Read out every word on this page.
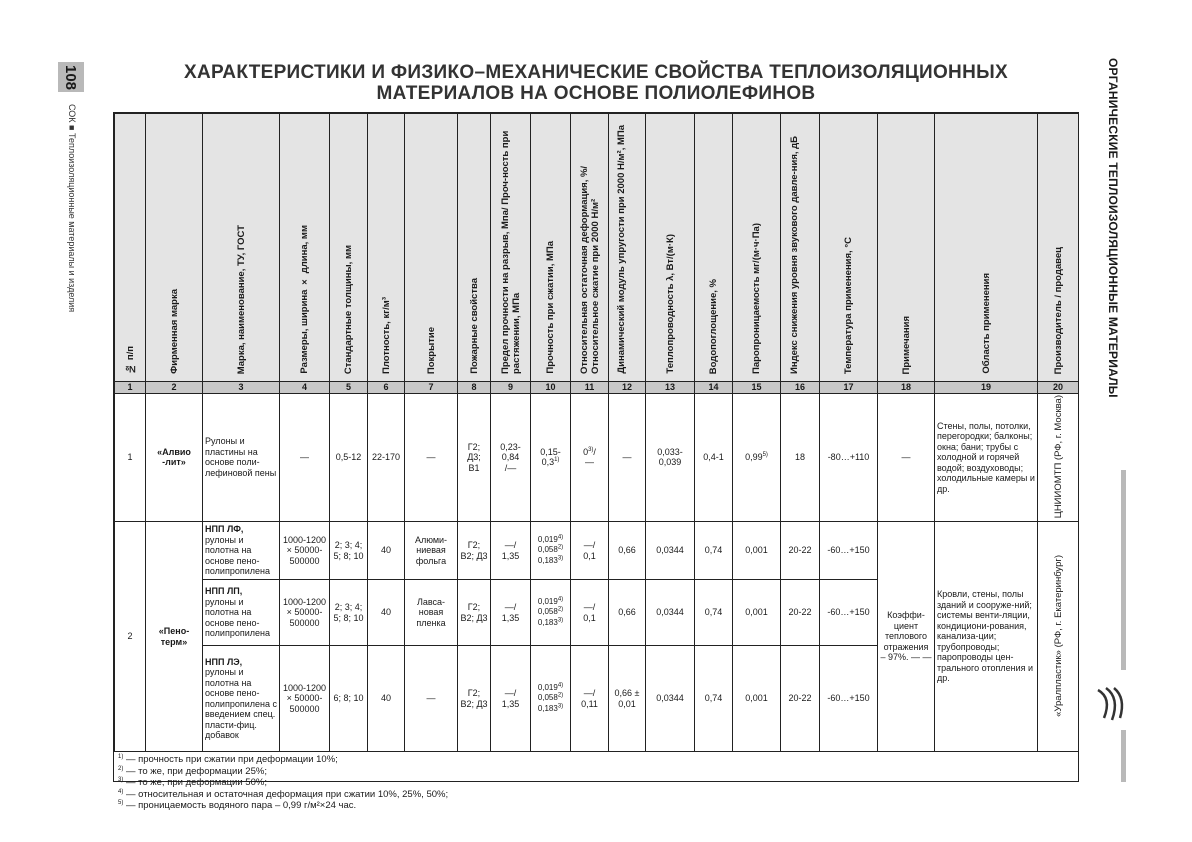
108
СОК ■ Теплоизоляционные материалы и изделия	ОРГАНИЧЕСКИЕ ТЕПЛОИЗОЛЯЦИОННЫЕ МАТЕРИАЛЫ
ХАРАКТЕРИСТИКИ И ФИЗИКО–МЕХАНИЧЕСКИЕ СВОЙСТВА ТЕПЛОИЗОЛЯЦИОННЫХ
МАТЕРИАЛОВ НА ОСНОВЕ ПОЛИОЛЕФИНОВ
№ п/п	Фирменная марка	Марка, наименование, ТУ, ГОСТ	Размеры, ширина × длина, мм	Стандартные толщины, мм	Плотность, кг/м³	Покрытие	Пожарные свойства	Предел прочности на разрыв, Мпа/ Проч-ность при растяжении, МПа	Прочность при сжатии, МПа	Относительная остаточная деформация, %/ Относительное сжатие при 2000 Н/м²	Динамический модуль упругости при 2000 Н/м², МПа	Теплопроводность λ, Вт/(м·К)	Водопоглощение, %	Паропроницаемость мг/(м·ч·Па)	Индекс снижения уровня звукового давле-ния, дБ	Температура применения, °С	Примечания	Область применения	Производитель / продавец
1	2	3	4	5	6	7	8	9	10	11	12	13	14	15	16	17	18	19	20
1	«Алвио -лит»	Рулоны и пластины на основе поли-лефиновой пены	—	0,5-12	22-170	—	Г2;
Д3;
В1	0,23-
0,84
/—	0,15-
0,3$^{1)}$	0$^{3)}$/
—	—	0,033-0,039	0,4-1	0,99$^{5)}$	18	-80…+110	—	Стены, полы, потолки, перегородки; балконы; окна; бани; трубы с холодной и горячей водой; воздуховоды; холодильные камеры и др.	ЦНИИОМТП (РФ, г. Москва)
2	«Пено-терм»	НПП ЛФ,
рулоны и полотна на основе пено-полипропилена	1000-1200 × 50000-500000	2; 3; 4; 5; 8; 10	40	Алюми-ниевая фольга	Г2; В2; Д3	—/
1,35	0,019$^{4)}$
0,058$^{2)}$
0,183$^{3)}$	—/
0,1	0,66	0,0344	0,74	0,001	20-22	-60…+150	Коэффи-циент теплового отражения – 97%. — —	Кровли, стены, полы зданий и сооруже-ний; системы венти-ляции, кондициони-рования, канализа-ции; трубопроводы; паропроводы цен-трального отопления и др.	«Уралпластик» (РФ, г. Екатеринбург)
		НПП ЛП,
рулоны и полотна на основе пено-полипропилена	1000-1200 × 50000-500000	2; 3; 4; 5; 8; 10	40	Лавса-новая пленка	Г2; В2; Д3	—/
1,35	0,019$^{4)}$
0,058$^{2)}$
0,183$^{3)}$	—/
0,1	0,66	0,0344	0,74	0,001	20-22	-60…+150			
		НПП ЛЭ,
рулоны и полотна на основе пено-полипропилена с введением спец. пласти-фиц. добавок	1000-1200 × 50000-500000	6; 8; 10	40	—	Г2; В2; Д3	—/
1,35	0,019$^{4)}$
0,058$^{2)}$
0,183$^{3)}$	—/
0,11	0,66 ± 0,01	0,0344	0,74	0,001	20-22	-60…+150			
$^{1)}$ — прочность при сжатии при деформации 10%;
$^{2)}$ — то же, при деформации 25%;
$^{3)}$ — то же, при деформации 50%;
$^{4)}$ — относительная и остаточная деформация при сжатии 10%, 25%, 50%;
$^{5)}$ — проницаемость водяного пара – 0,99 г/м²×24 час.
